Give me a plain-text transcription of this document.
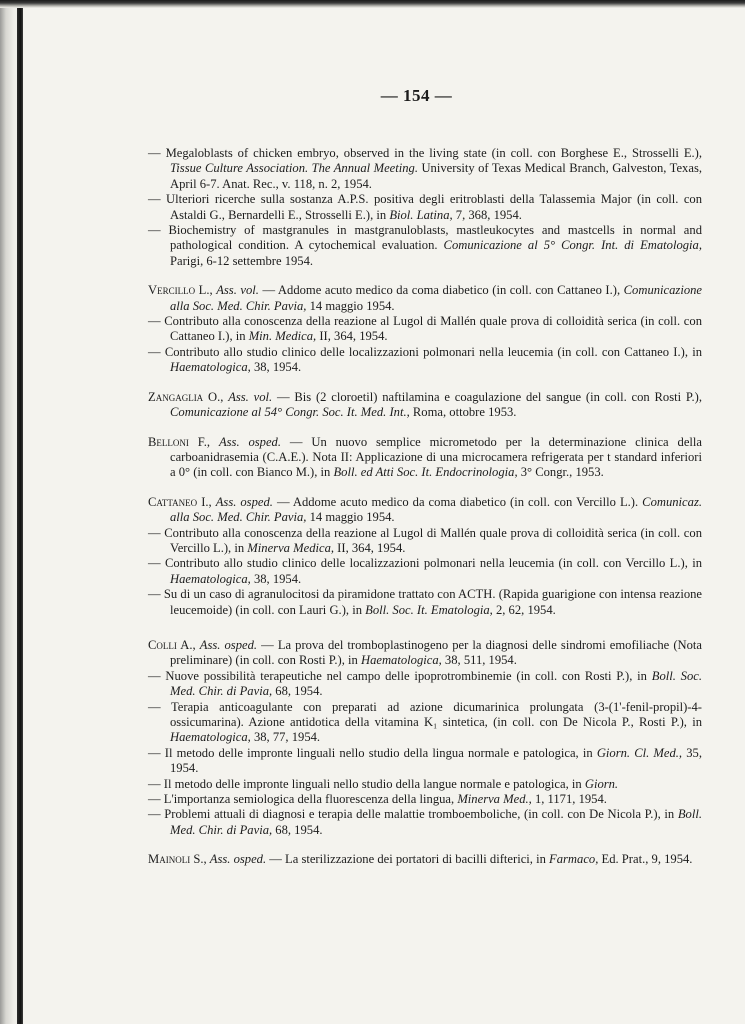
— 154 —

— Megaloblasts of chicken embryo, observed in the living state (in coll. con Borghese E., Strosselli E.), Tissue Culture Association. The Annual Meeting. University of Texas Medical Branch, Galveston, Texas, April 6-7. Anat. Rec., v. 118, n. 2, 1954.

— Ulteriori ricerche sulla sostanza A.P.S. positiva degli eritroblasti della Talassemia Major (in coll. con Astaldi G., Bernardelli E., Strosselli E.), in Biol. Latina, 7, 368, 1954.

— Biochemistry of mastgranules in mastgranuloblasts, mastleukocytes and mastcells in normal and pathological condition. A cytochemical evaluation. Comunicazione al 5° Congr. Int. di Ematologia, Parigi, 6-12 settembre 1954.

Vercillo L., Ass. vol. — Addome acuto medico da coma diabetico (in coll. con Cattaneo I.), Comunicazione alla Soc. Med. Chir. Pavia, 14 maggio 1954.

— Contributo alla conoscenza della reazione al Lugol di Mallén quale prova di colloidità serica (in coll. con Cattaneo I.), in Min. Medica, II, 364, 1954.

— Contributo allo studio clinico delle localizzazioni polmonari nella leucemia (in coll. con Cattaneo I.), in Haematologica, 38, 1954.

Zangaglia O., Ass. vol. — Bis (2 cloroetil) naftilamina e coagulazione del sangue (in coll. con Rosti P.), Comunicazione al 54° Congr. Soc. It. Med. Int., Roma, ottobre 1953.

Belloni F., Ass. osped. — Un nuovo semplice micrometodo per la determinazione clinica della carboanidrasemia (C.A.E.). Nota II: Applicazione di una microcamera refrigerata per t standard inferiori a 0° (in coll. con Bianco M.), in Boll. ed Atti Soc. It. Endocrinologia, 3° Congr., 1953.

Cattaneo I., Ass. osped. — Addome acuto medico da coma diabetico (in coll. con Vercillo L.). Comunicaz. alla Soc. Med. Chir. Pavia, 14 maggio 1954.

— Contributo alla conoscenza della reazione al Lugol di Mallén quale prova di colloidità serica (in coll. con Vercillo L.), in Minerva Medica, II, 364, 1954.

— Contributo allo studio clinico delle localizzazioni polmonari nella leucemia (in coll. con Vercillo L.), in Haematologica, 38, 1954.

— Su di un caso di agranulocitosi da piramidone trattato con ACTH. (Rapida guarigione con intensa reazione leucemoide) (in coll. con Lauri G.), in Boll. Soc. It. Ematologia, 2, 62, 1954.

Colli A., Ass. osped. — La prova del tromboplastinogeno per la diagnosi delle sindromi emofiliache (Nota preliminare) (in coll. con Rosti P.), in Haematologica, 38, 511, 1954.

— Nuove possibilità terapeutiche nel campo delle ipoprotrombinemie (in coll. con Rosti P.), in Boll. Soc. Med. Chir. di Pavia, 68, 1954.

— Terapia anticoagulante con preparati ad azione dicumarinica prolungata (3-(1'-fenil-propil)-4-ossicumarina). Azione antidotica della vitamina K₁ sintetica, (in coll. con De Nicola P., Rosti P.), in Haematologica, 38, 77, 1954.

— Il metodo delle impronte linguali nello studio della lingua normale e patologica, in Giorn. Cl. Med., 35, 1954.

— Il metodo delle impronte linguali nello studio della langue normale e patologica, in Giorn.

— L'importanza semiologica della fluorescenza della lingua, Minerva Med., 1, 1171, 1954.

— Problemi attuali di diagnosi e terapia delle malattie tromboemboliche, (in coll. con De Nicola P.), in Boll. Med. Chir. di Pavia, 68, 1954.

Mainoli S., Ass. osped. — La sterilizzazione dei portatori di bacilli difterici, in Farmaco, Ed. Prat., 9, 1954.
